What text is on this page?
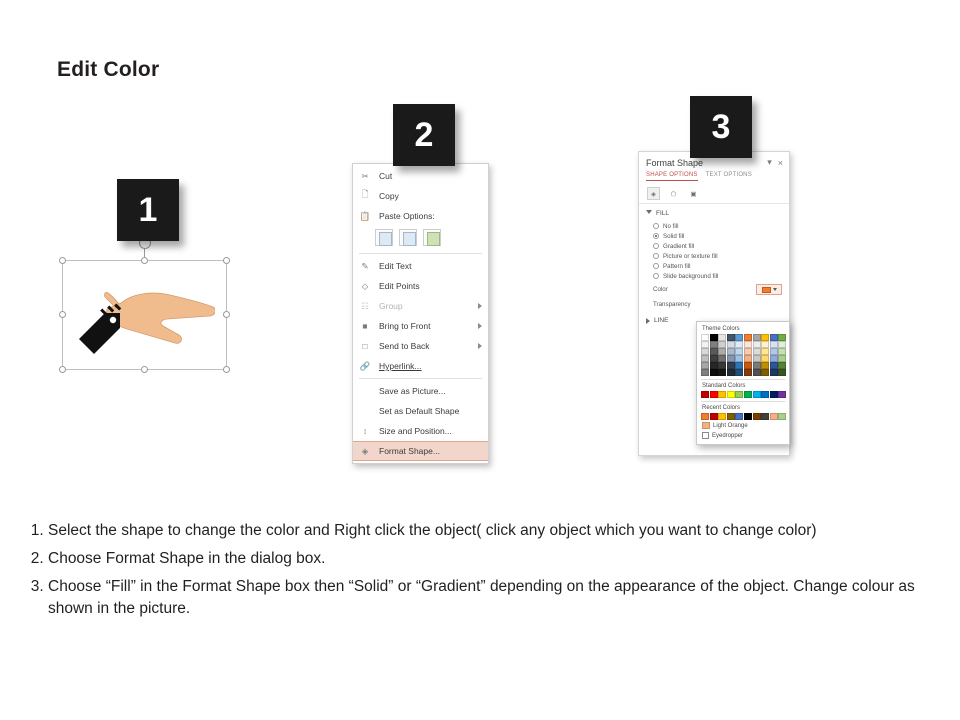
Edit Color
1
✂	Cut
🗋	Copy
📋	Paste Options:
✎	Edit Text
◇	Edit Points
☷	Group
■	Bring to Front
□	Send to Back
🔗	Hyperlink...
Save as Picture...
Set as Default Shape
↕	Size and Position...
◈	Format Shape...
2
Format Shape	▾ ×
SHAPE OPTIONS TEXT OPTIONS
◈	⬠	▣
FILL
No fill
Solid fill
Gradient fill
Picture or texture fill
Pattern fill
Slide background fill
Color
Transparency
LINE
Theme Colors
Standard Colors
Recent Colors
Light Orange
Eyedropper
3
1. Select the shape to change the color and Right click the object( click any object which you want to change color)
2. Choose Format Shape in the dialog box.
3. Choose “Fill” in the Format Shape box then “Solid” or “Gradient” depending on the appearance of the object. Change colour as shown in the picture.
